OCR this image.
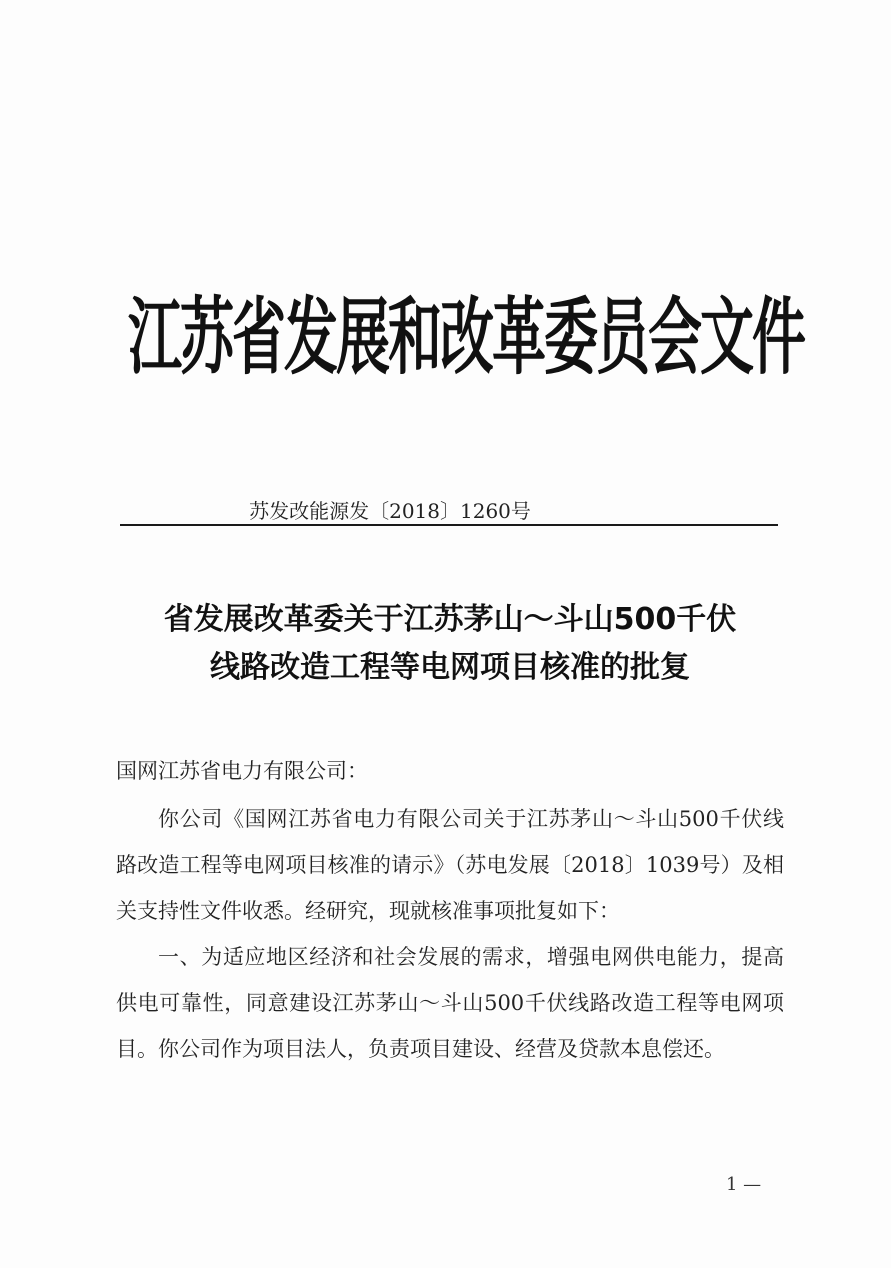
江苏省发展和改革委员会文件
苏发改能源发〔2018〕1260号
省发展改革委关于江苏茅山～斗山500千伏
线路改造工程等电网项目核准的批复

国网江苏省电力有限公司：

你公司《国网江苏省电力有限公司关于江苏茅山～斗山500千伏线路改造工程等电网项目核准的请示》（苏电发展〔2018〕1039号）及相关支持性文件收悉。经研究，现就核准事项批复如下：

一、为适应地区经济和社会发展的需求，增强电网供电能力，提高供电可靠性，同意建设江苏茅山～斗山500千伏线路改造工程等电网项目。你公司作为项目法人，负责项目建设、经营及贷款本息偿还。

1 —
